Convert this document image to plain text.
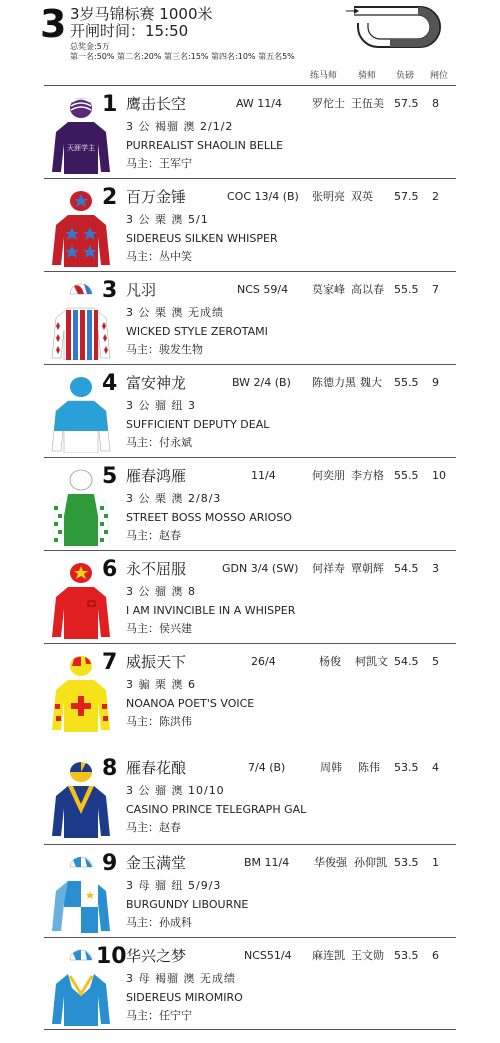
3 3岁马锦标赛 1000米
开闸时间：15:50
总奖金:5万
第一名:50% 第二名:20% 第三名:15% 第四名:10% 第五名5%
练马师 骑师 负磅 闸位
天涯学主
1 鹰击长空	AW 11/4	罗佗士 王伍美 57.5 8
3 公 褐骝 澳 2/1/2
PURREALIST SHAOLIN BELLE
马主：王军宁
2 百万金锤	COC 13/4 (B) 张明亮 双英 57.5 2
3 公 栗 澳 5/1
SIDEREUS SILKEN WHISPER
马主：丛中笑
3 凡羽	NCS 59/4 莫家峰 高以春 55.5 7
3 公 栗 澳 无成绩
WICKED STYLE ZEROTAMI
马主：骏发生物
4 富安神龙	BW 2/4 (B) 陈德力黑 魏大 55.5 9
3 公 骝 纽 3
SUFFICIENT DEPUTY DEAL
马主：付永斌
5 雁春鸿雁	11/4	何奕朋 李方格 55.5 10
3 公 栗 澳 2/8/3
STREET BOSS MOSSO ARIOSO
马主：赵春
6 永不屈服	GDN 3/4 (SW) 何祥寿 覃朝辉 54.5 3
3 公 骝 澳 8
I AM INVINCIBLE IN A WHISPER
马主：侯兴建
7 威振天下	26/4	杨俊 柯凯文 54.5 5
3 骟 栗 澳 6
NOANOA POET'S VOICE
马主：陈洪伟
8 雁春花酿	7/4 (B)	周韩 陈伟 53.5 4
3 公 骝 澳 10/10
CASINO PRINCE TELEGRAPH GAL
马主：赵春
9 金玉满堂	BM 11/4 华俊强 孙仰凯 53.5 1
3 母 骝 纽 5/9/3
BURGUNDY LIBOURNE
马主：孙成科
10 华兴之梦	NCS51/4 麻连凯 王文勋 53.5 6
3 母 褐骝 澳 无成绩
SIDEREUS MIROMIRO
马主：任宁宁
